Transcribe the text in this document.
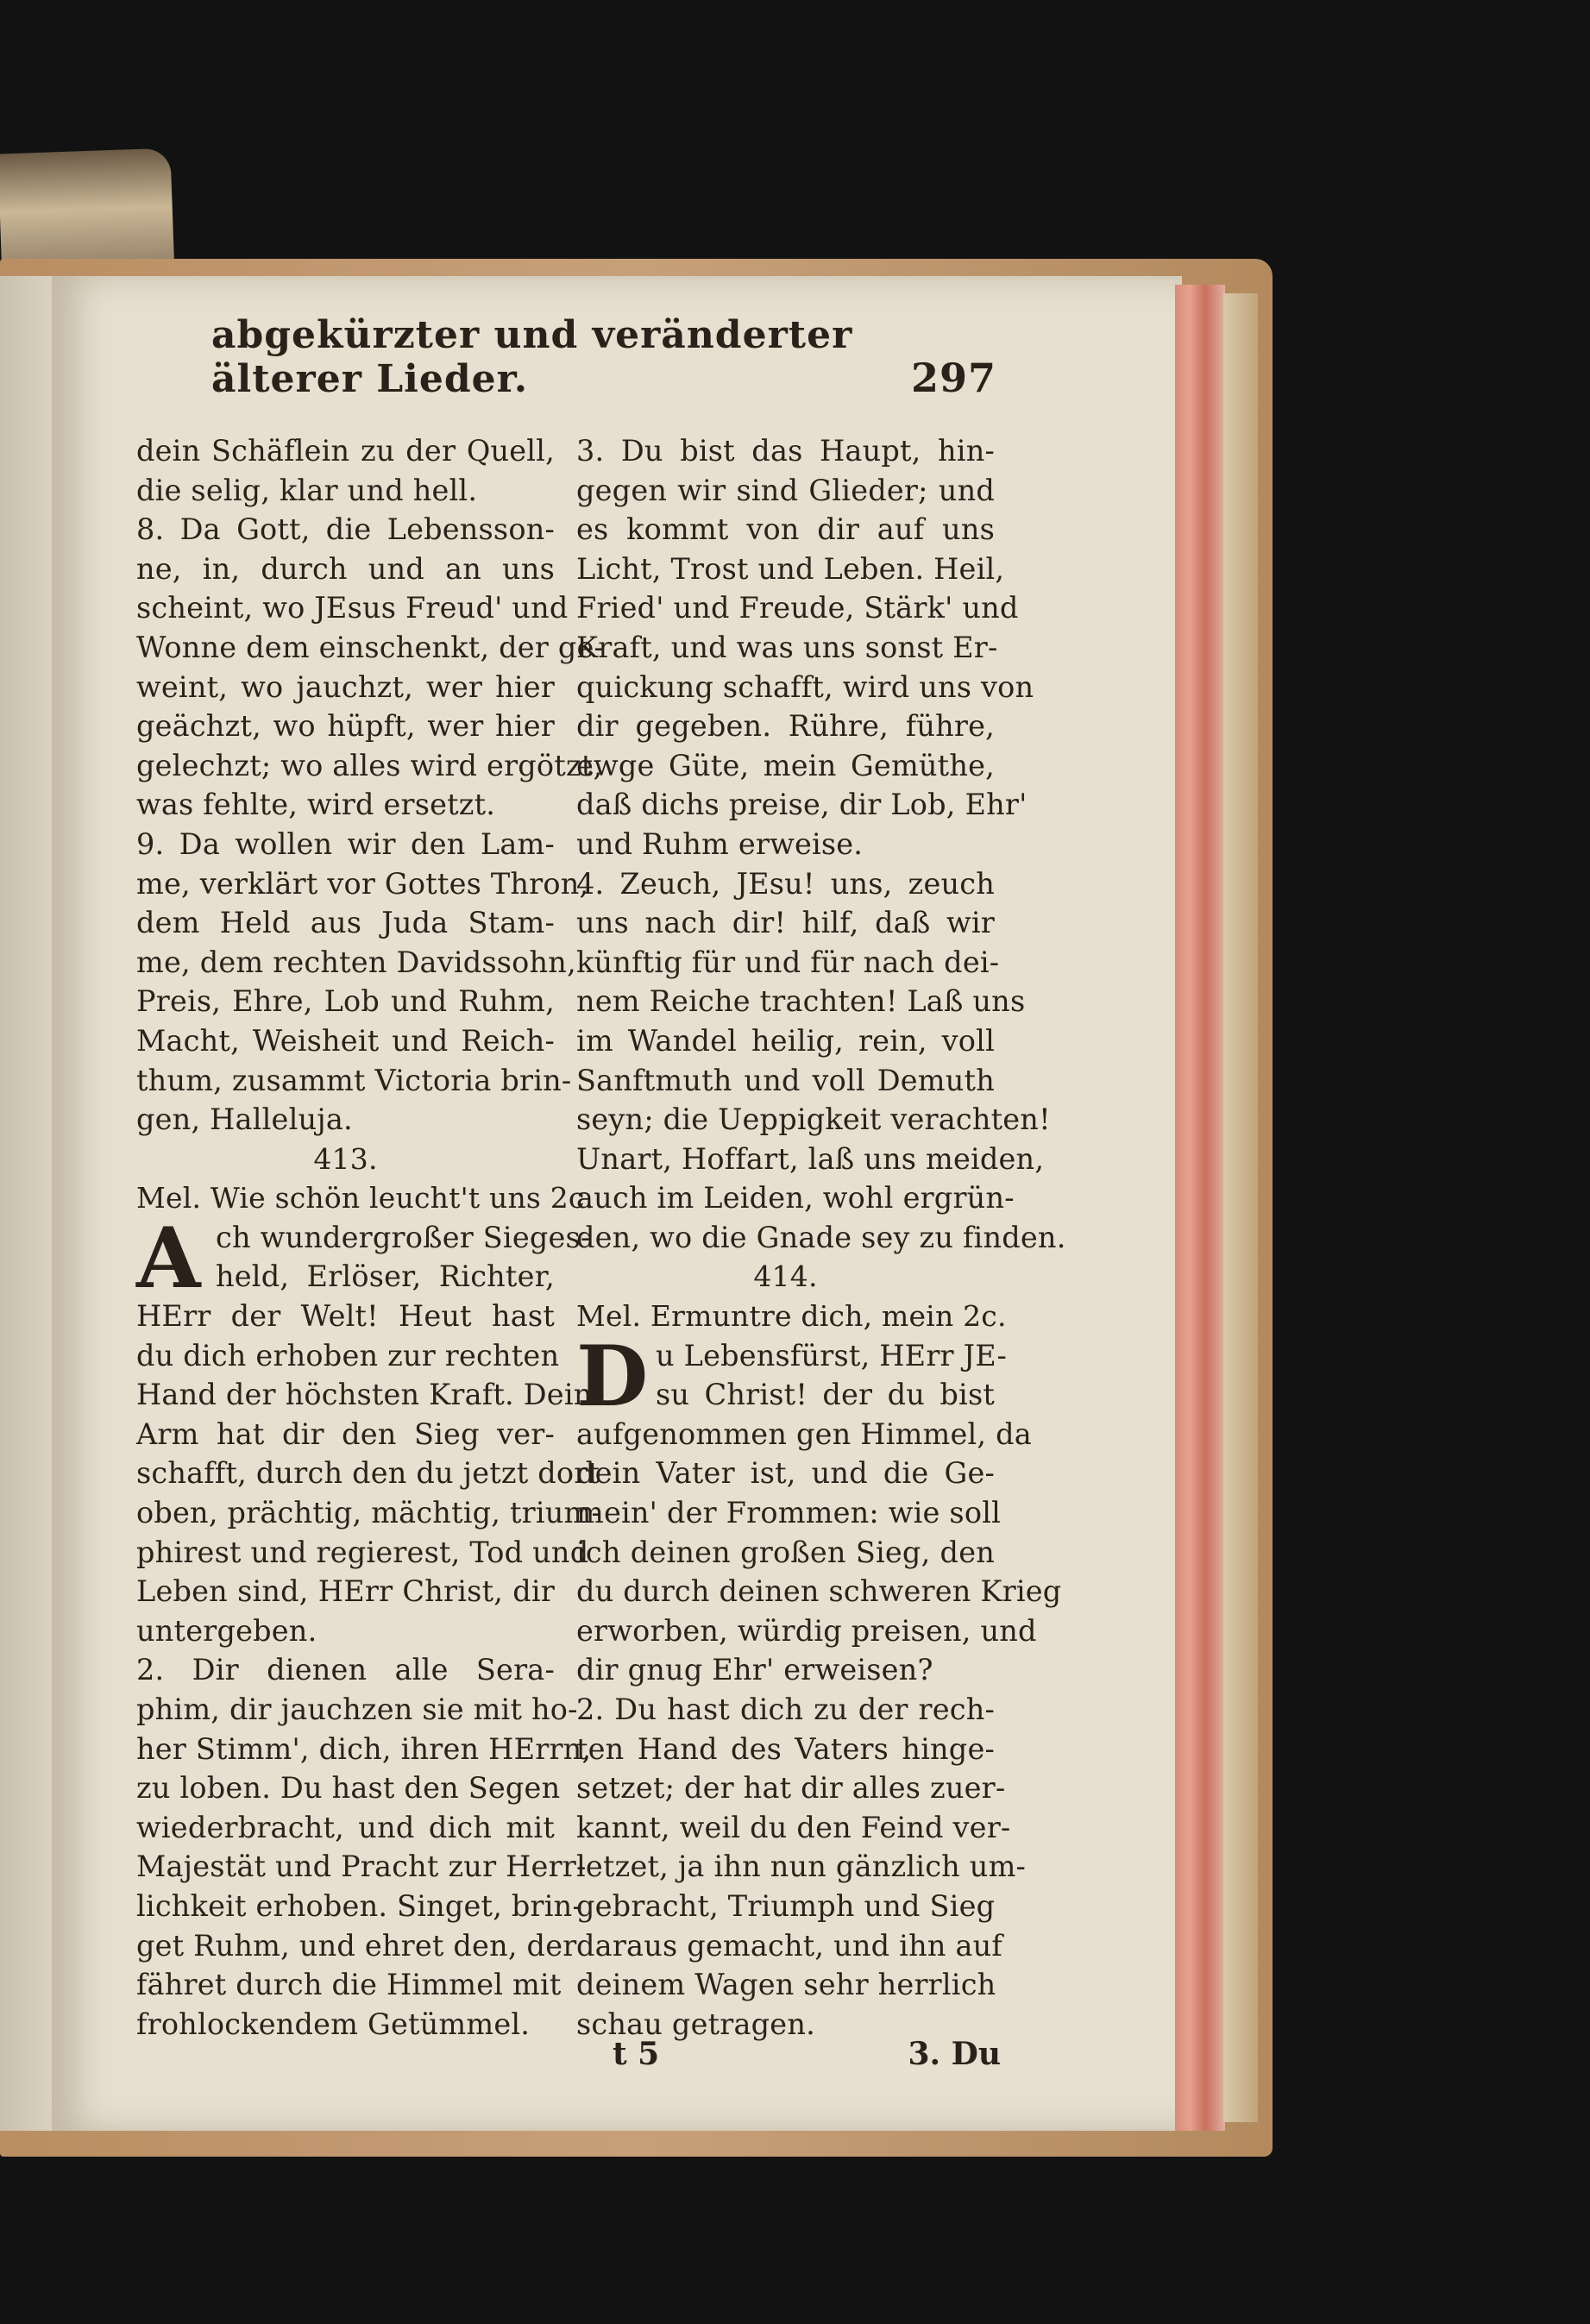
abgekürzter und veränderter älterer Lieder.	297
dein Schäflein zu der Quell,
die selig, klar und hell.
8. Da Gott, die Lebensson-
ne, in, durch und an uns
scheint, wo JEsus Freud' und
Wonne dem einschenkt, der ge-
weint, wo jauchzt, wer hier
geächzt, wo hüpft, wer hier
gelechzt; wo alles wird ergötzt,
was fehlte, wird ersetzt.
9. Da wollen wir den Lam-
me, verklärt vor Gottes Thron,
dem Held aus Juda Stam-
me, dem rechten Davidssohn,
Preis, Ehre, Lob und Ruhm,
Macht, Weisheit und Reich-
thum, zusammt Victoria brin-
gen, Halleluja.
413.
Mel. Wie schön leucht't uns 2c.
A ch wundergroßer Sieges-
held, Erlöser, Richter,
HErr der Welt! Heut hast
du dich erhoben zur rechten
Hand der höchsten Kraft. Dein
Arm hat dir den Sieg ver-
schafft, durch den du jetzt dort
oben, prächtig, mächtig, trium-
phirest und regierest, Tod und
Leben sind, HErr Christ, dir
untergeben.
2. Dir dienen alle Sera-
phim, dir jauchzen sie mit ho-
her Stimm', dich, ihren HErrn,
zu loben. Du hast den Segen
wiederbracht, und dich mit
Majestät und Pracht zur Herr-
lichkeit erhoben. Singet, brin-
get Ruhm, und ehret den, der
fähret durch die Himmel mit
frohlockendem Getümmel.
3. Du bist das Haupt, hin-
gegen wir sind Glieder; und
es kommt von dir auf uns
Licht, Trost und Leben. Heil,
Fried' und Freude, Stärk' und
Kraft, und was uns sonst Er-
quickung schafft, wird uns von
dir gegeben. Rühre, führe,
ewge Güte, mein Gemüthe,
daß dichs preise, dir Lob, Ehr'
und Ruhm erweise.
4. Zeuch, JEsu! uns, zeuch
uns nach dir! hilf, daß wir
künftig für und für nach dei-
nem Reiche trachten! Laß uns
im Wandel heilig, rein, voll
Sanftmuth und voll Demuth
seyn; die Ueppigkeit verachten!
Unart, Hoffart, laß uns meiden,
auch im Leiden, wohl ergrün-
den, wo die Gnade sey zu finden.
414.
Mel. Ermuntre dich, mein 2c.
D u Lebensfürst, HErr JE-
su Christ! der du bist
aufgenommen gen Himmel, da
dein Vater ist, und die Ge-
mein' der Frommen: wie soll
ich deinen großen Sieg, den
du durch deinen schweren Krieg
erworben, würdig preisen, und
dir gnug Ehr' erweisen?
2. Du hast dich zu der rech-
ten Hand des Vaters hinge-
setzet; der hat dir alles zuer-
kannt, weil du den Feind ver-
letzet, ja ihn nun gänzlich um-
gebracht, Triumph und Sieg
daraus gemacht, und ihn auf
deinem Wagen sehr herrlich
schau getragen.
t 5	3. Du
